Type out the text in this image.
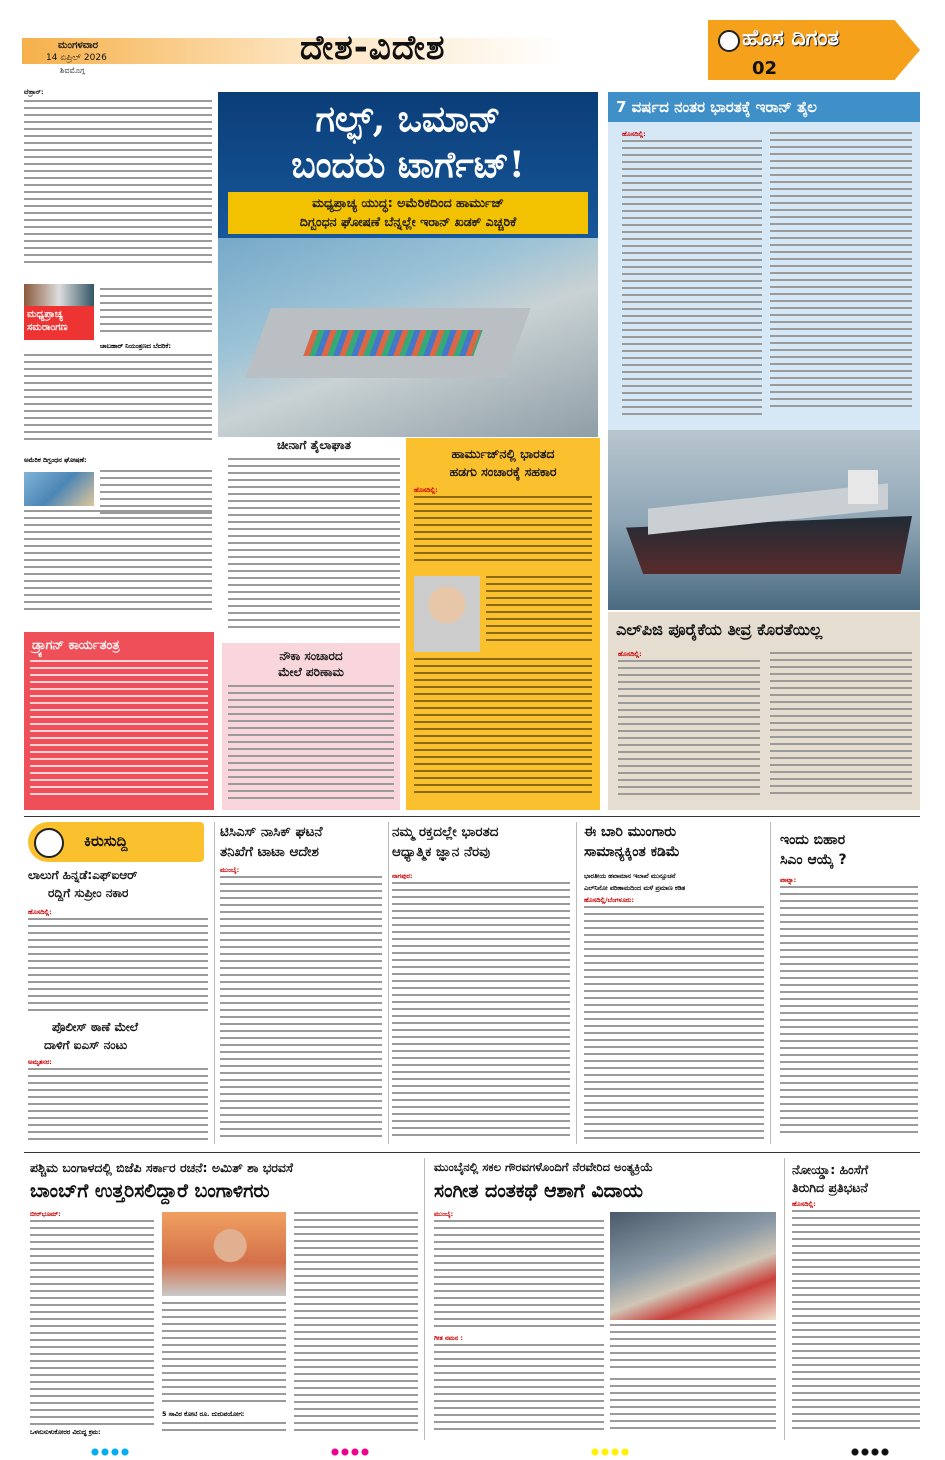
ಮಂಗಳವಾರ
14 ಏಪ್ರಿಲ್ 2026
ಶಿವಮೊಗ್ಗ
ದೇಶ-ವಿದೇಶ	ಹೊಸ ದಿಗಂತ
02
ಟೆಹ್ರಾನ್:
ಮಧ್ಯಪ್ರಾಚ್ಯ ಸಮರಾಂಗಣ
ಚಾಬಹಾರ್ ನಿಯಂತ್ರಣದ ಬೆದರಿಕೆ:
ಅಮೆರಿಕ ದಿಗ್ಬಂಧನ ಘೋಷಣೆ:
ಡ್ರ್ಯಾಗನ್ ಕಾರ್ಯತಂತ್ರ
ಗಲ್ಫ್, ಒಮಾನ್
ಬಂದರು ಟಾರ್ಗೆಟ್!
ಮಧ್ಯಪ್ರಾಚ್ಯ ಯುದ್ಧ: ಅಮೆರಿಕದಿಂದ ಹಾರ್ಮುಜ್
ದಿಗ್ಬಂಧನ ಘೋಷಣೆ ಬೆನ್ನಲ್ಲೇ ಇರಾನ್ ಖಡಕ್ ಎಚ್ಚರಿಕೆ
ಚೀನಾಗೆ ತೈಲಾಘಾತ
ನೌಕಾ ಸಂಚಾರದ
ಮೇಲೆ ಪರಿಣಾಮ
ಹಾರ್ಮುಜ್‌ನಲ್ಲಿ ಭಾರತದ
ಹಡಗು ಸಂಚಾರಕ್ಕೆ ಸಹಕಾರ
ಹೊಸದಿಲ್ಲಿ:
7 ವರ್ಷದ ನಂತರ ಭಾರತಕ್ಕೆ ಇರಾನ್ ತೈಲ
ಹೊಸದಿಲ್ಲಿ:
ಎಲ್‌ಪಿಜಿ ಪೂರೈಕೆಯ ತೀವ್ರ ಕೊರತೆಯಿಲ್ಲ
ಹೊಸದಿಲ್ಲಿ:
ಕಿರುಸುದ್ದಿ
ಲಾಲುಗೆ ಹಿನ್ನಡೆ:ಎಫ್‌ಐಆರ್
ರದ್ದಿಗೆ ಸುಪ್ರೀಂ ನಕಾರ
ಹೊಸದಿಲ್ಲಿ:
ಪೊಲೀಸ್ ಠಾಣೆ ಮೇಲೆ
ದಾಳಿಗೆ ಐಎಸ್ ನಂಟು
ಅಮೃತಸರ:
ಟಿಸಿಎಸ್ ನಾಸಿಕ್ ಘಟನೆ
ತನಿಖೆಗೆ ಟಾಟಾ ಆದೇಶ
ಮುಂಬೈ:
ನಮ್ಮ ರಕ್ತದಲ್ಲೇ ಭಾರತದ
ಆಧ್ಯಾತ್ಮಿಕ ಜ್ಞಾನ ನೆರವು
ನಾಗಪುರ:
ಈ ಬಾರಿ ಮುಂಗಾರು
ಸಾಮಾನ್ಯಕ್ಕಿಂತ ಕಡಿಮೆ
ಭಾರತೀಯ ಹವಾಮಾನ ಇಲಾಖೆ ಮುನ್ಸೂಚನೆ
ಎಲ್‌ನಿನೋ ಪರಿಣಾಮದಿಂದ ಮಳೆ ಪ್ರಮಾಣ ಕಡಿತ
ಹೊಸದಿಲ್ಲಿ/ಬೆಂಗಳೂರು:
ಇಂದು ಬಿಹಾರ
ಸಿಎಂ ಆಯ್ಕೆ ?
ಪಾಟ್ನಾ:
ಪಶ್ಚಿಮ ಬಂಗಾಳದಲ್ಲಿ ಬಿಜೆಪಿ ಸರ್ಕಾರ ರಚನೆ: ಅಮಿತ್ ಶಾ ಭರವಸೆ
ಬಾಂಬ್‌ಗೆ ಉತ್ತರಿಸಲಿದ್ದಾರೆ ಬಂಗಾಳಿಗರು
ಬೀರ್‌ಭೂಮ್:
5 ಸಾವಿರ ಕೋಟಿ ರೂ. ದುರುಪಯೋಗ:
ಒಳನುಸುಳುಕೋರರ ವಿರುದ್ಧ ಕ್ರಮ:
ಮುಂಬೈನಲ್ಲಿ ಸಕಲ ಗೌರವಗಳೊಂದಿಗೆ ನೆರವೇರಿದ ಅಂತ್ಯಕ್ರಿಯೆ
ಸಂಗೀತ ದಂತಕಥೆ ಆಶಾಗೆ ವಿದಾಯ
ಮುಂಬೈ:
ಗೀತ ನಮನ :
ನೋಯ್ಡಾ: ಹಿಂಸೆಗೆ
ತಿರುಗಿದ ಪ್ರತಿಭಟನೆ
ಹೊಸದಿಲ್ಲಿ:
